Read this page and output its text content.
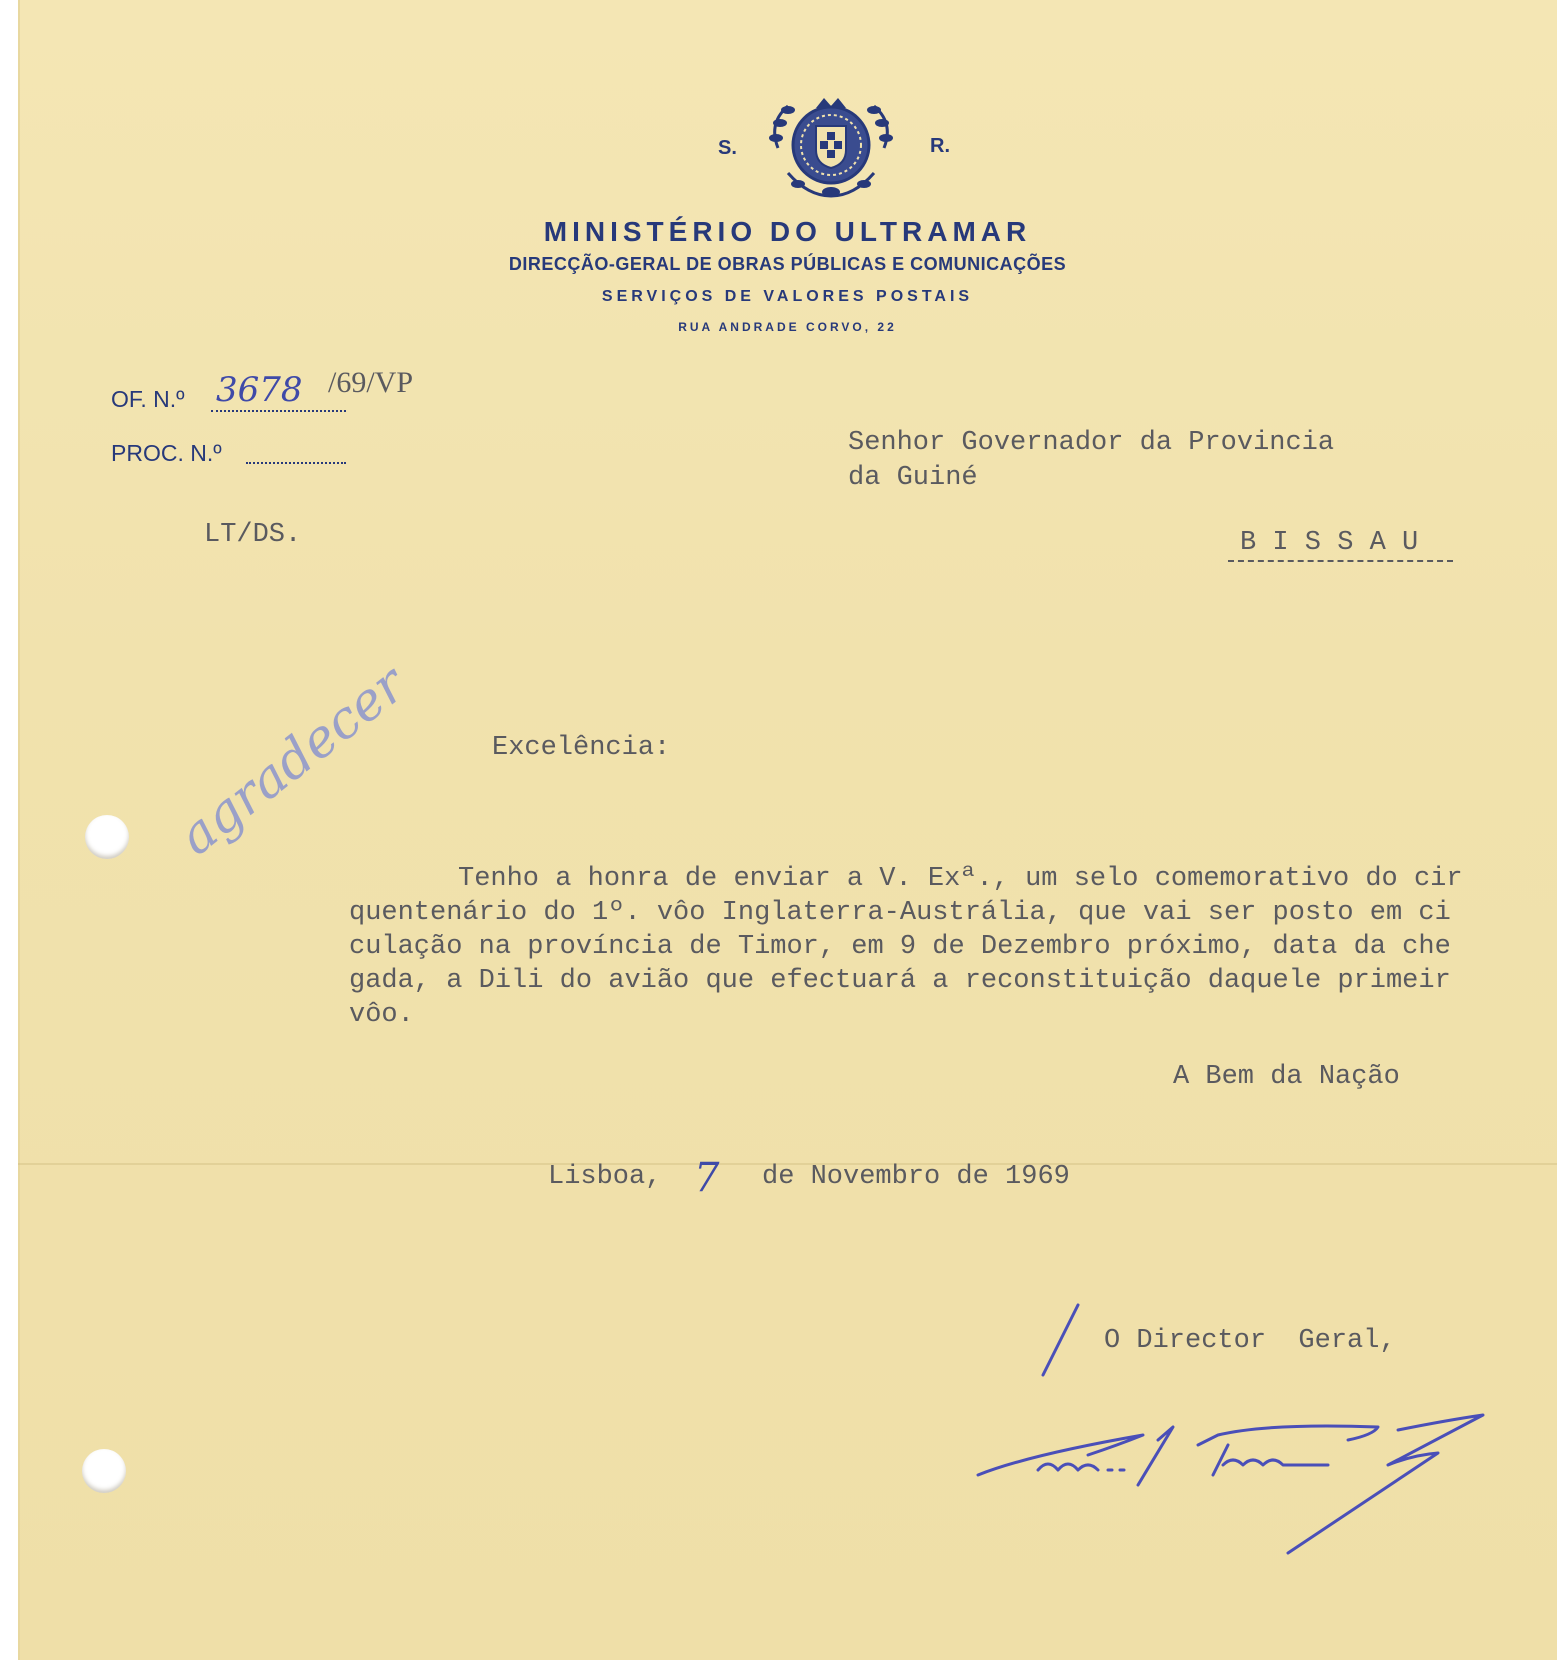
S.	R.
MINISTÉRIO DO ULTRAMAR
DIRECÇÃO-GERAL DE OBRAS PÚBLICAS E COMUNICAÇÕES
SERVIÇOS DE VALORES POSTAIS
RUA ANDRADE CORVO, 22
OF. N.º 3678 /69/VP
PROC. N.º
LT/DS.
Senhor Governador da Provincia
da Guiné
B I S S A U
agradecer	Excelência:
Tenho a honra de enviar a V. Exª., um selo comemorativo do cir
quentenário do 1º. vôo Inglaterra-Austrália, que vai ser posto em ci
culação na província de Timor, em 9 de Dezembro próximo, data da che
gada, a Dili do avião que efectuará a reconstituição daquele primeir
vôo.
A Bem da Nação
Lisboa, 7 de Novembro de 1969
O Director  Geral,
